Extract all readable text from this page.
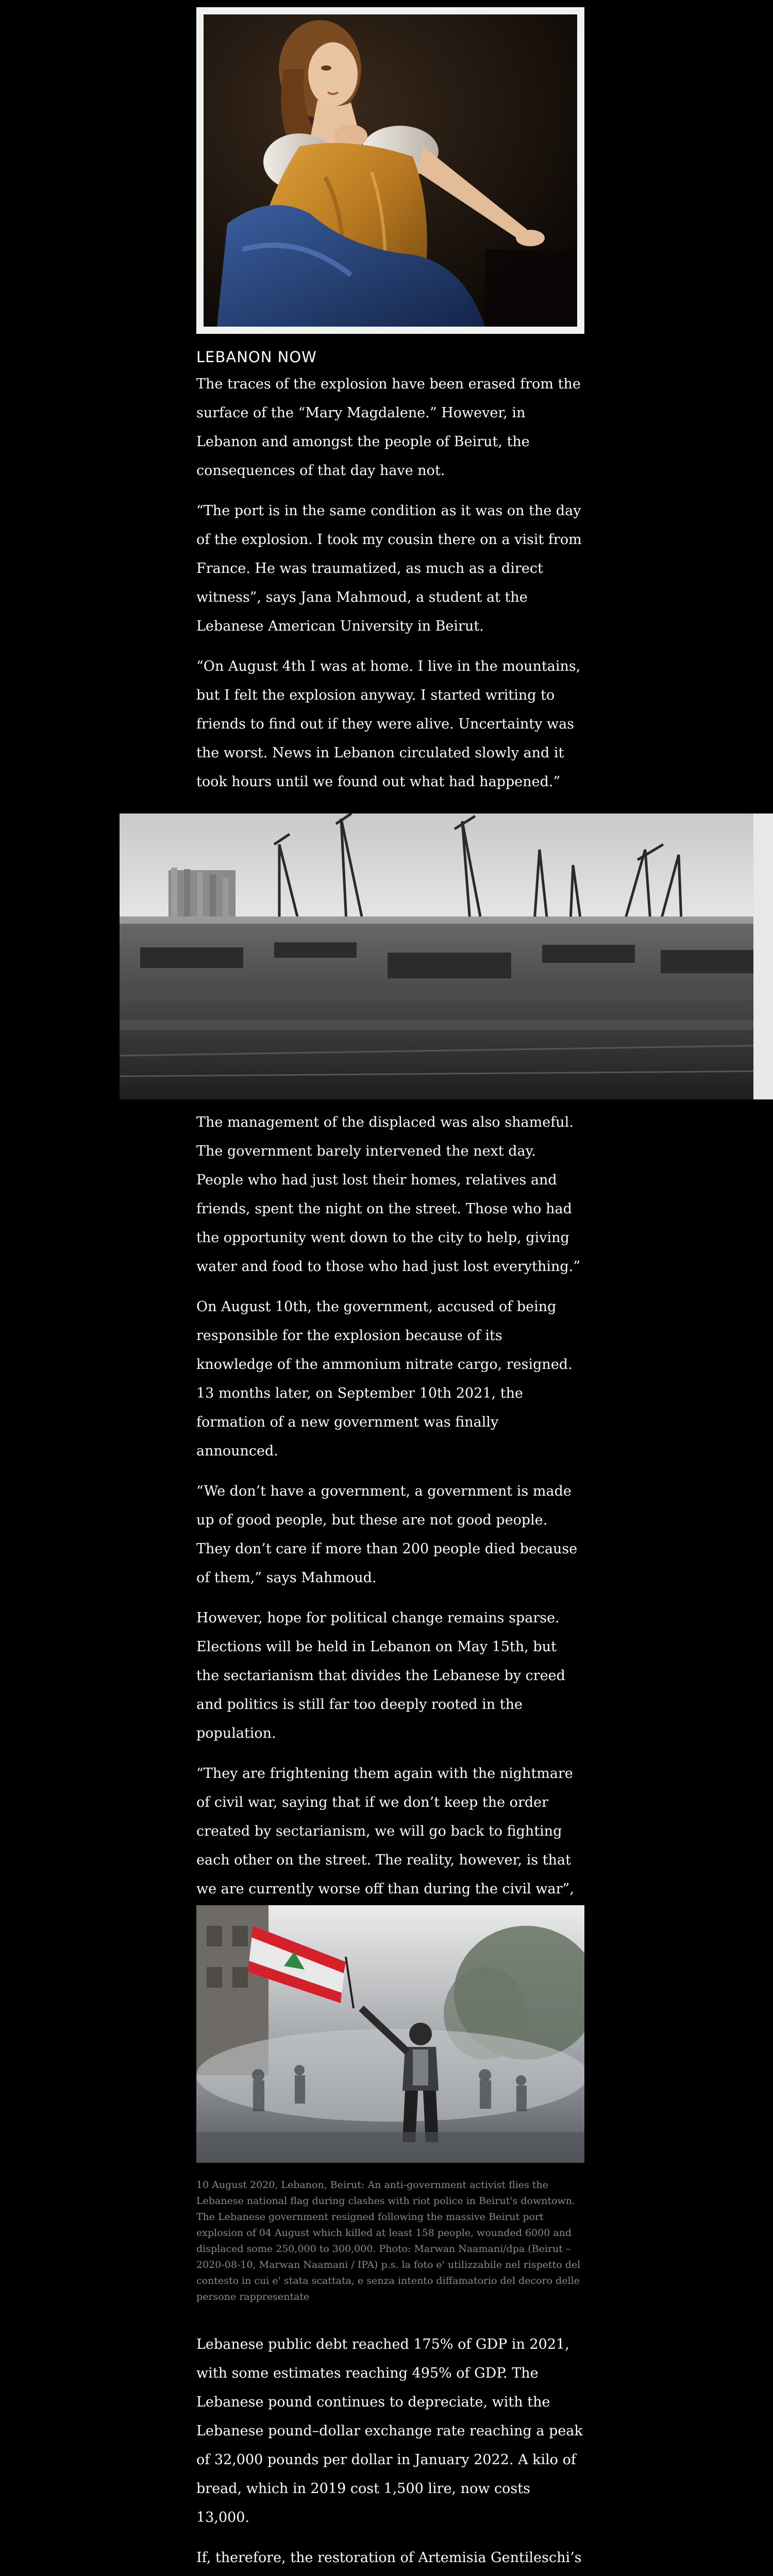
LEBANON NOW

The traces of the explosion have been erased from the surface of the “Mary Magdalene.” However, in Lebanon and amongst the people of Beirut, the consequences of that day have not.

“The port is in the same condition as it was on the day of the explosion. I took my cousin there on a visit from France. He was traumatized, as much as a direct witness”, says Jana Mahmoud, a student at the Lebanese American University in Beirut.

“On August 4th I was at home. I live in the mountains, but I felt the explosion anyway. I started writing to friends to find out if they were alive. Uncertainty was the worst. News in Lebanon circulated slowly and it took hours until we found out what had happened.”

The management of the displaced was also shameful. The government barely intervened the next day. People who had just lost their homes, relatives and friends, spent the night on the street. Those who had the opportunity went down to the city to help, giving water and food to those who had just lost everything.”

On August 10th, the government, accused of being responsible for the explosion because of its knowledge of the ammonium nitrate cargo, resigned. 13 months later, on September 10th 2021, the formation of a new government was finally announced.

“We don’t have a government, a government is made up of good people, but these are not good people. They don’t care if more than 200 people died because of them,” says Mahmoud.

However, hope for political change remains sparse. Elections will be held in Lebanon on May 15th, but the sectarianism that divides the Lebanese by creed and politics is still far too deeply rooted in the population.

“They are frightening them again with the nightmare of civil war, saying that if we don’t keep the order created by sectarianism, we will go back to fighting each other on the street. The reality, however, is that we are currently worse off than during the civil war”,

10 August 2020, Lebanon, Beirut: An anti-government activist flies the Lebanese national flag during clashes with riot police in Beirut's downtown. The Lebanese government resigned following the massive Beirut port explosion of 04 August which killed at least 158 people, wounded 6000 and displaced some 250,000 to 300,000. Photo: Marwan Naamani/dpa (Beirut – 2020-08-10, Marwan Naamani / IPA) p.s. la foto e' utilizzabile nel rispetto del contesto in cui e' stata scattata, e senza intento diffamatorio del decoro delle persone rappresentate

Lebanese public debt reached 175% of GDP in 2021, with some estimates reaching 495% of GDP. The Lebanese pound continues to depreciate, with the Lebanese pound–dollar exchange rate reaching a peak of 32,000 pounds per dollar in January 2022. A kilo of bread, which in 2019 cost 1,500 lire, now costs 13,000.

If, therefore, the restoration of Artemisia Gentileschi’s
